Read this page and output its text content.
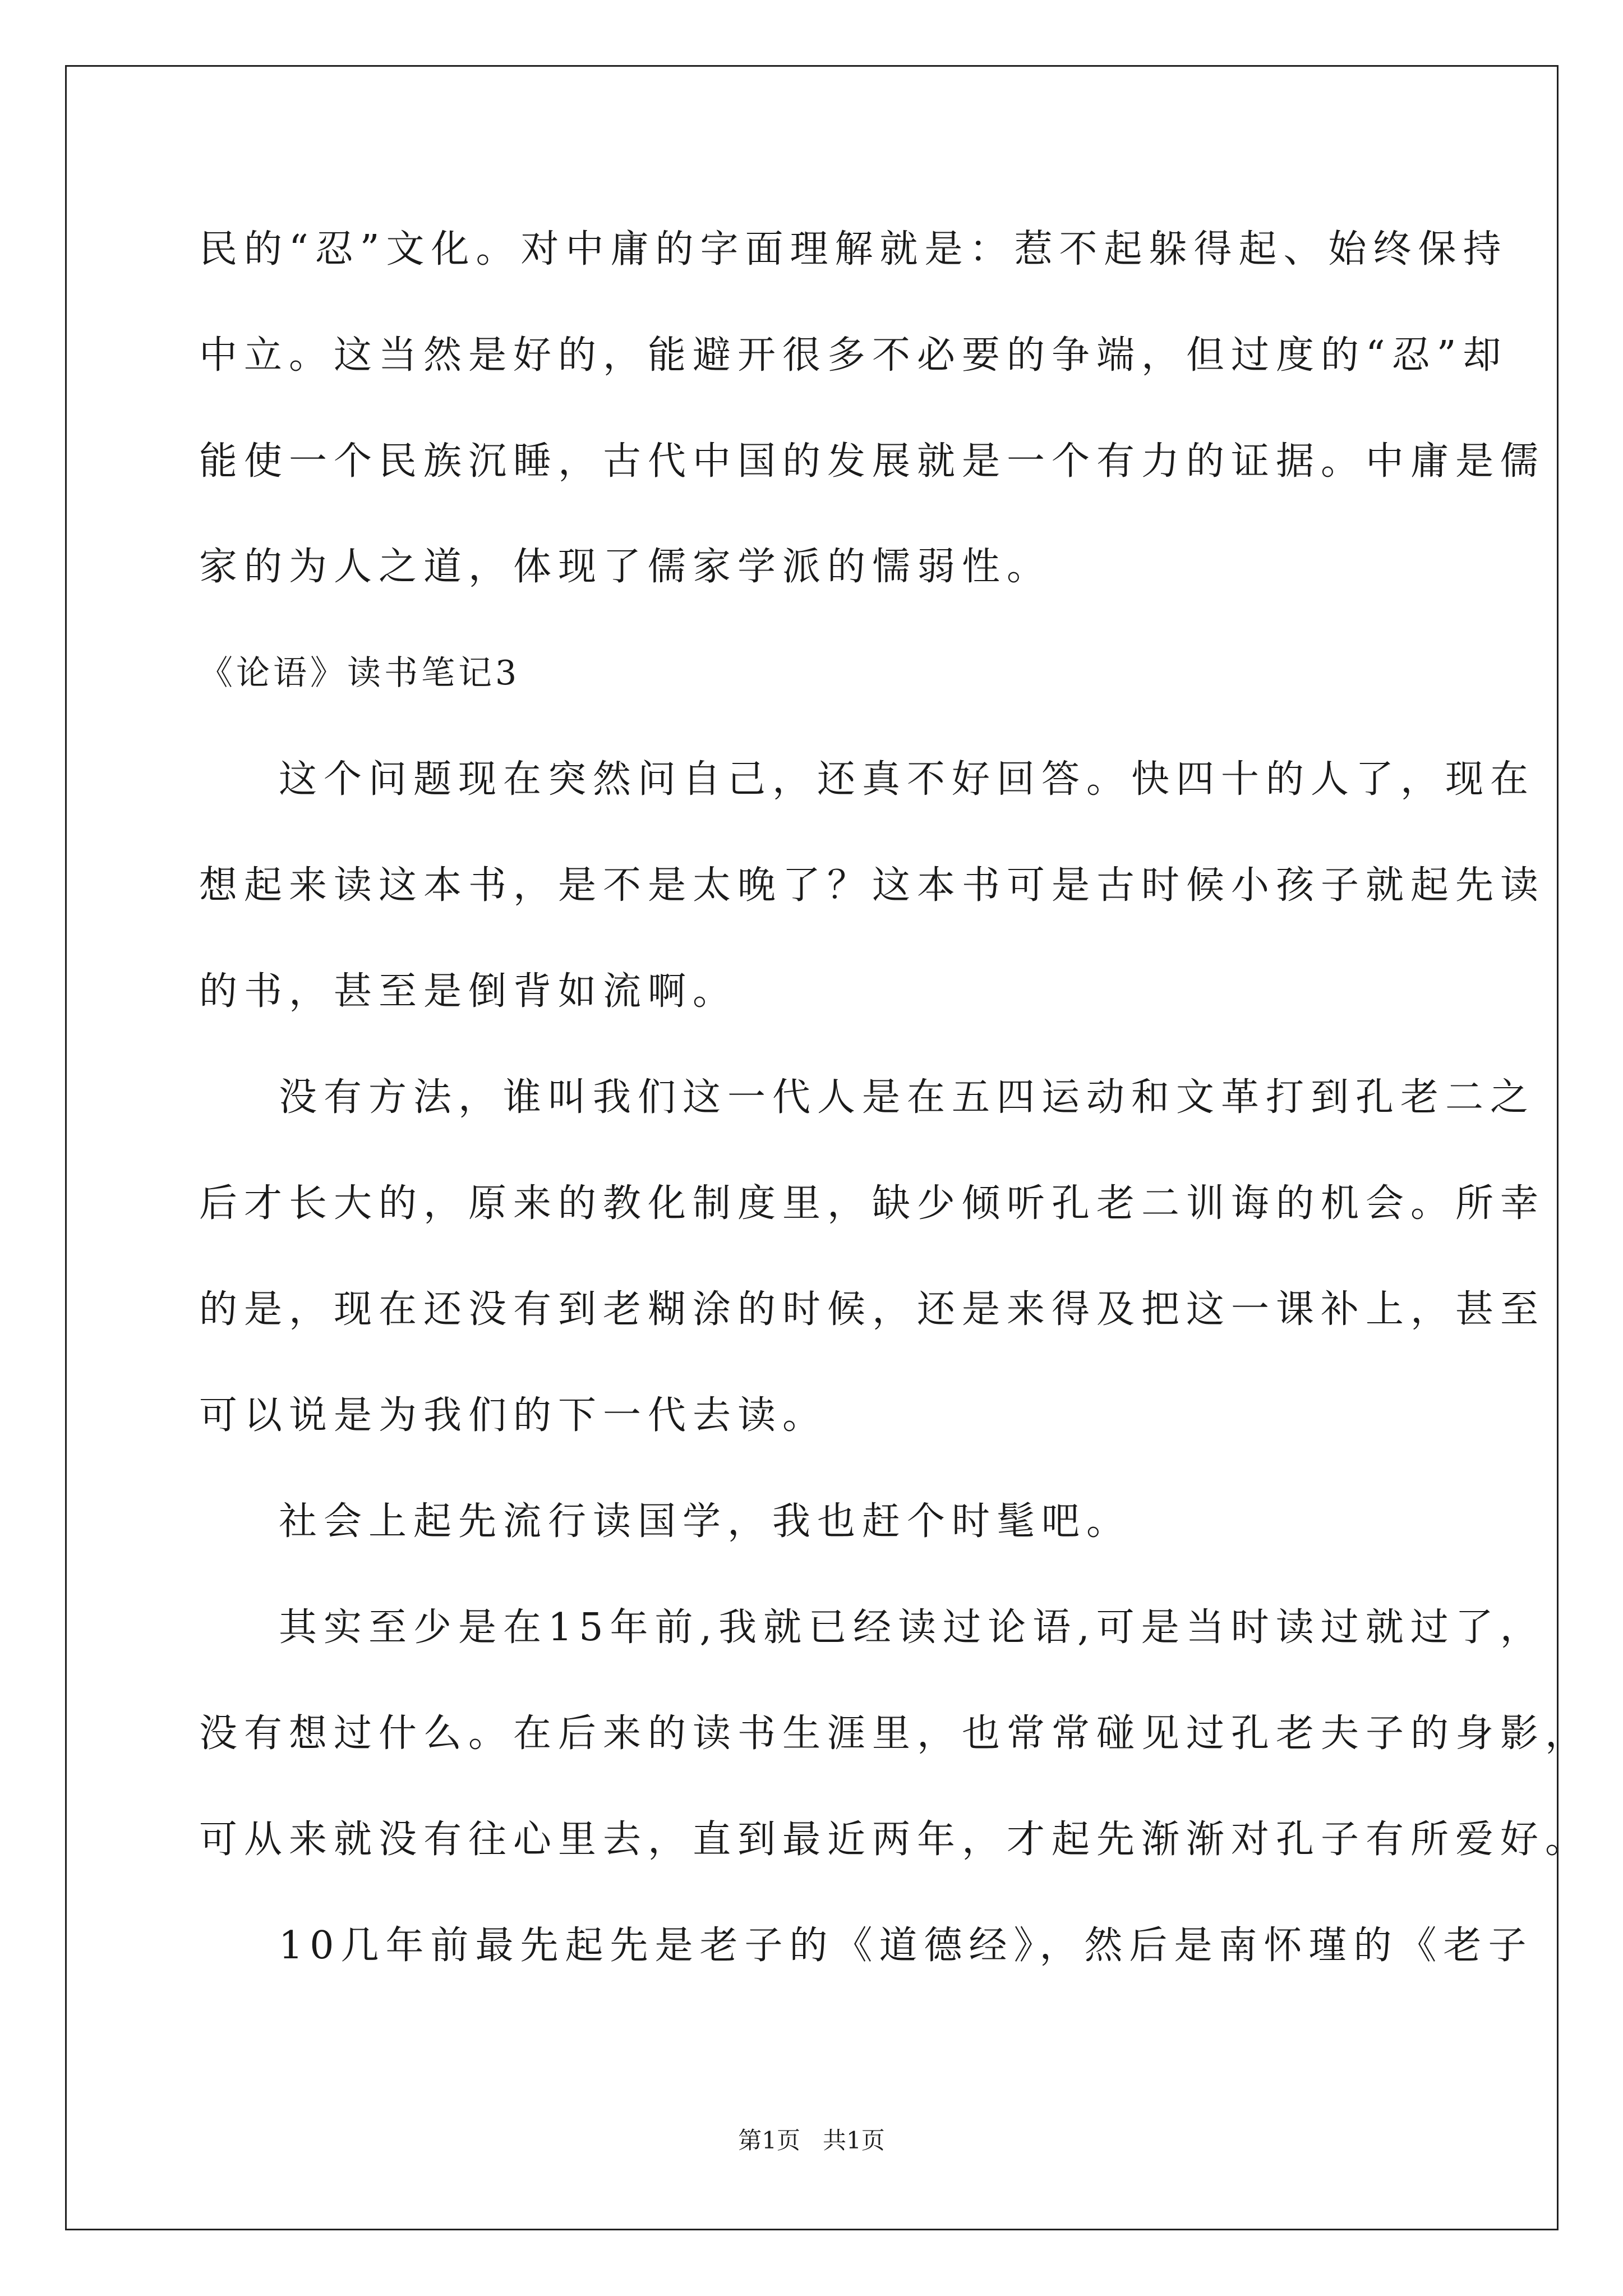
民的“忍”文化。对中庸的字面理解就是：惹不起躲得起、始终保持
中立。这当然是好的，能避开很多不必要的争端，但过度的“忍”却
能使一个民族沉睡，古代中国的发展就是一个有力的证据。中庸是儒
家的为人之道，体现了儒家学派的懦弱性。
《论语》读书笔记3
这个问题现在突然问自己，还真不好回答。快四十的人了，现在
想起来读这本书，是不是太晚了？这本书可是古时候小孩子就起先读
的书，甚至是倒背如流啊。
没有方法，谁叫我们这一代人是在五四运动和文革打到孔老二之
后才长大的，原来的教化制度里，缺少倾听孔老二训诲的机会。所幸
的是，现在还没有到老糊涂的时候，还是来得及把这一课补上，甚至
可以说是为我们的下一代去读。
社会上起先流行读国学，我也赶个时髦吧。
其实至少是在15年前,我就已经读过论语,可是当时读过就过了，
没有想过什么。在后来的读书生涯里，也常常碰见过孔老夫子的身影，
可从来就没有往心里去，直到最近两年，才起先渐渐对孔子有所爱好。
10几年前最先起先是老子的《道德经》，然后是南怀瑾的《老子
第1页   共1页
